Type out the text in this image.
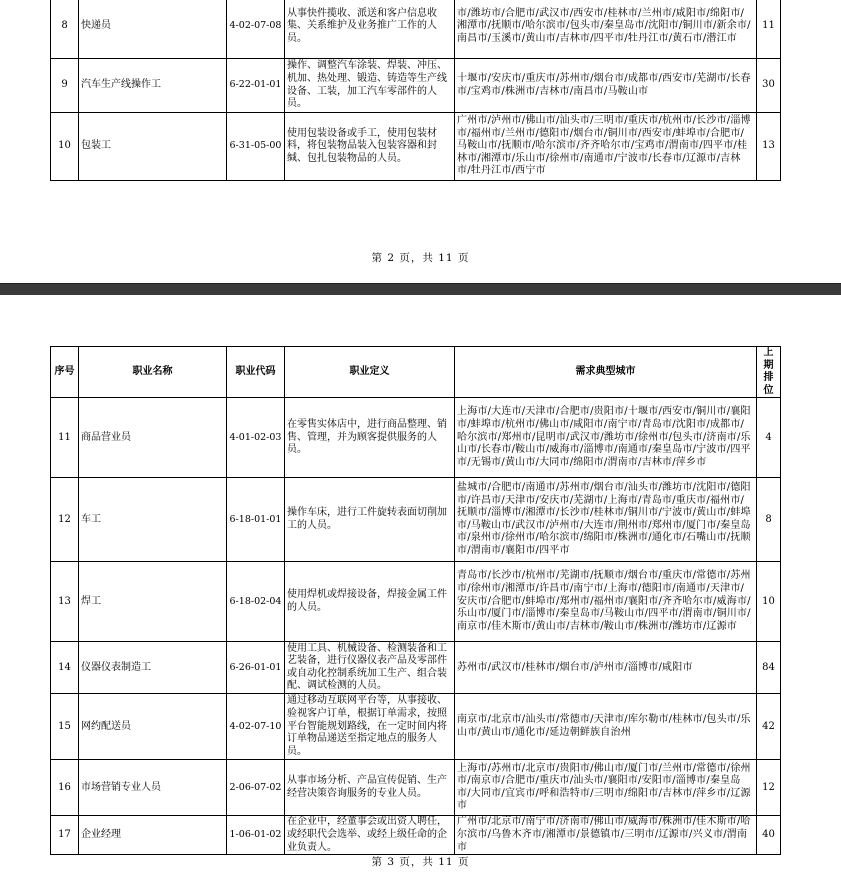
8	快递员	4-02-07-08	从事快件揽收、派送和客户信息收集、关系维护及业务推广工作的人员。	市/潍坊市/合肥市/武汉市/西安市/桂林市/兰州市/咸阳市/绵阳市/湘潭市/抚顺市/哈尔滨市/包头市/秦皇岛市/沈阳市/铜川市/新余市/南昌市/玉溪市/黄山市/吉林市/四平市/牡丹江市/黄石市/潜江市	11
9	汽车生产线操作工	6-22-01-01	操作、调整汽车涂装、焊装、冲压、机加、热处理、锻造、铸造等生产线设备、工装，加工汽车零部件的人员。	十堰市/安庆市/重庆市/苏州市/烟台市/成都市/西安市/芜湖市/长春市/宝鸡市/株洲市/吉林市/南昌市/马鞍山市	30
10	包装工	6-31-05-00	使用包装设备或手工，使用包装材料，将包装物品装入包装容器和封缄、包扎包装物品的人员。	广州市/泸州市/佛山市/汕头市/三明市/重庆市/杭州市/长沙市/淄博市/福州市/兰州市/德阳市/烟台市/铜川市/西安市/蚌埠市/合肥市/马鞍山市/抚顺市/哈尔滨市/齐齐哈尔市/宝鸡市/渭南市/四平市/桂林市/湘潭市/乐山市/徐州市/南通市/宁波市/长春市/辽源市/吉林市/牡丹江市/西宁市	13
第 2 页，共 11 页
序号	职业名称	职业代码	职业定义	需求典型城市	上期排位
11	商品营业员	4-01-02-03	在零售实体店中，进行商品整理、销售、管理，并为顾客提供服务的人员。	上海市/大连市/天津市/合肥市/贵阳市/十堰市/西安市/铜川市/襄阳市/蚌埠市/杭州市/佛山市/咸阳市/南宁市/青岛市/沈阳市/成都市/哈尔滨市/郑州市/昆明市/武汉市/潍坊市/徐州市/包头市/济南市/乐山市/长春市/鞍山市/威海市/淄博市/南通市/秦皇岛市/宁波市/四平市/无锡市/黄山市/大同市/绵阳市/渭南市/吉林市/萍乡市	4
12	车工	6-18-01-01	操作车床，进行工件旋转表面切削加工的人员。	盐城市/合肥市/南通市/苏州市/烟台市/汕头市/潍坊市/沈阳市/德阳市/许昌市/天津市/安庆市/芜湖市/上海市/青岛市/重庆市/福州市/抚顺市/淄博市/湘潭市/长沙市/桂林市/铜川市/宁波市/黄山市/蚌埠市/马鞍山市/武汉市/泸州市/大连市/荆州市/郑州市/厦门市/秦皇岛市/泉州市/徐州市/哈尔滨市/绵阳市/株洲市/通化市/石嘴山市/抚顺市/渭南市/襄阳市/四平市	8
13	焊工	6-18-02-04	使用焊机或焊接设备，焊接金属工件的人员。	青岛市/长沙市/杭州市/芜湖市/抚顺市/烟台市/重庆市/常德市/苏州市/徐州市/湘潭市/许昌市/南宁市/上海市/德阳市/南通市/天津市/安庆市/合肥市/蚌埠市/郑州市/福州市/襄阳市/齐齐哈尔市/威海市/乐山市/厦门市/淄博市/秦皇岛市/马鞍山市/四平市/渭南市/铜川市/南京市/佳木斯市/黄山市/吉林市/鞍山市/株洲市/潍坊市/辽源市	10
14	仪器仪表制造工	6-26-01-01	使用工具、机械设备、检测装备和工艺装备，进行仪器仪表产品及零部件或自动化控制系统加工生产、组合装配、调试检测的人员。	苏州市/武汉市/桂林市/烟台市/泸州市/淄博市/咸阳市	84
15	网约配送员	4-02-07-10	通过移动互联网平台等，从事接收、验视客户订单，根据订单需求，按照平台智能规划路线，在一定时间内将订单物品递送至指定地点的服务人员。	南京市/北京市/汕头市/常德市/天津市/库尔勒市/桂林市/包头市/乐山市/黄山市/通化市/延边朝鲜族自治州	42
16	市场营销专业人员	2-06-07-02	从事市场分析、产品宣传促销、生产经营决策咨询服务的专业人员。	上海市/苏州市/北京市/贵阳市/佛山市/厦门市/兰州市/常德市/徐州市/南京市/合肥市/重庆市/汕头市/襄阳市/安阳市/淄博市/秦皇岛市/大同市/宜宾市/呼和浩特市/三明市/绵阳市/吉林市/萍乡市/辽源市	12
17	企业经理	1-06-01-02	在企业中，经董事会或出资人聘任，或经职代会选举、或经上级任命的企业负责人。	广州市/北京市/南宁市/济南市/佛山市/威海市/株洲市/佳木斯市/哈尔滨市/乌鲁木齐市/湘潭市/景德镇市/三明市/辽源市/兴义市/渭南市	40
第 3 页，共 11 页
